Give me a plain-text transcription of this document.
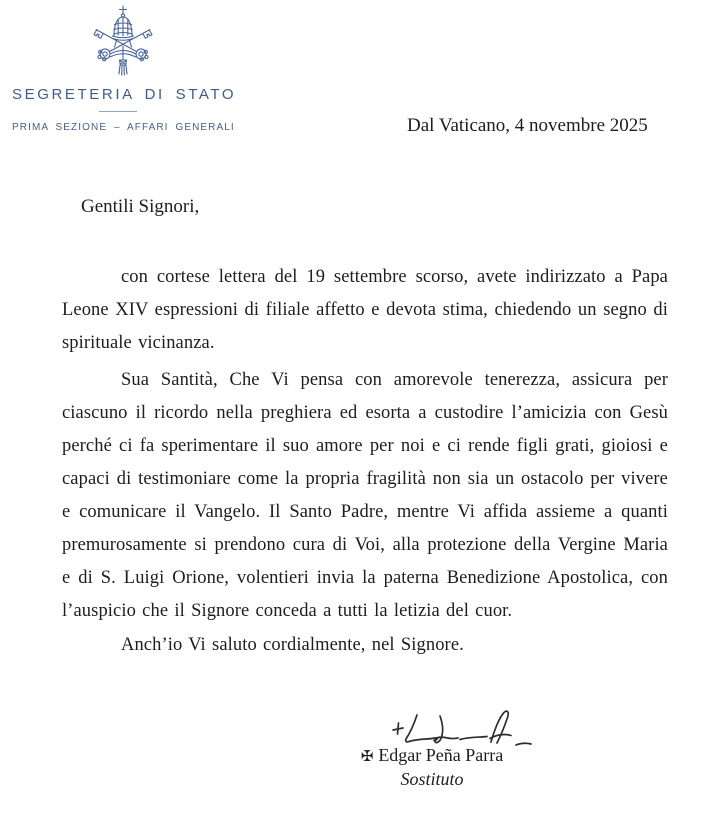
SEGRETERIA DI STATO
PRIMA SEZIONE – AFFARI GENERALI	Dal Vaticano, 4 novembre 2025

Gentili Signori,

con cortese lettera del 19 settembre scorso, avete indirizzato a Papa Leone XIV espressioni di filiale affetto e devota stima, chiedendo un segno di spirituale vicinanza.

Sua Santità, Che Vi pensa con amorevole tenerezza, assicura per ciascuno il ricordo nella preghiera ed esorta a custodire l’amicizia con Gesù perché ci fa sperimentare il suo amore per noi e ci rende figli grati, gioiosi e capaci di testimoniare come la propria fragilità non sia un ostacolo per vivere e comunicare il Vangelo. Il Santo Padre, mentre Vi affida assieme a quanti premurosamente si prendono cura di Voi, alla protezione della Vergine Maria e di S. Luigi Orione, volentieri invia la paterna Benedizione Apostolica, con l’auspicio che il Signore conceda a tutti la letizia del cuor.

Anch’io Vi saluto cordialmente, nel Signore.

✠ Edgar Peña Parra
Sostituto
